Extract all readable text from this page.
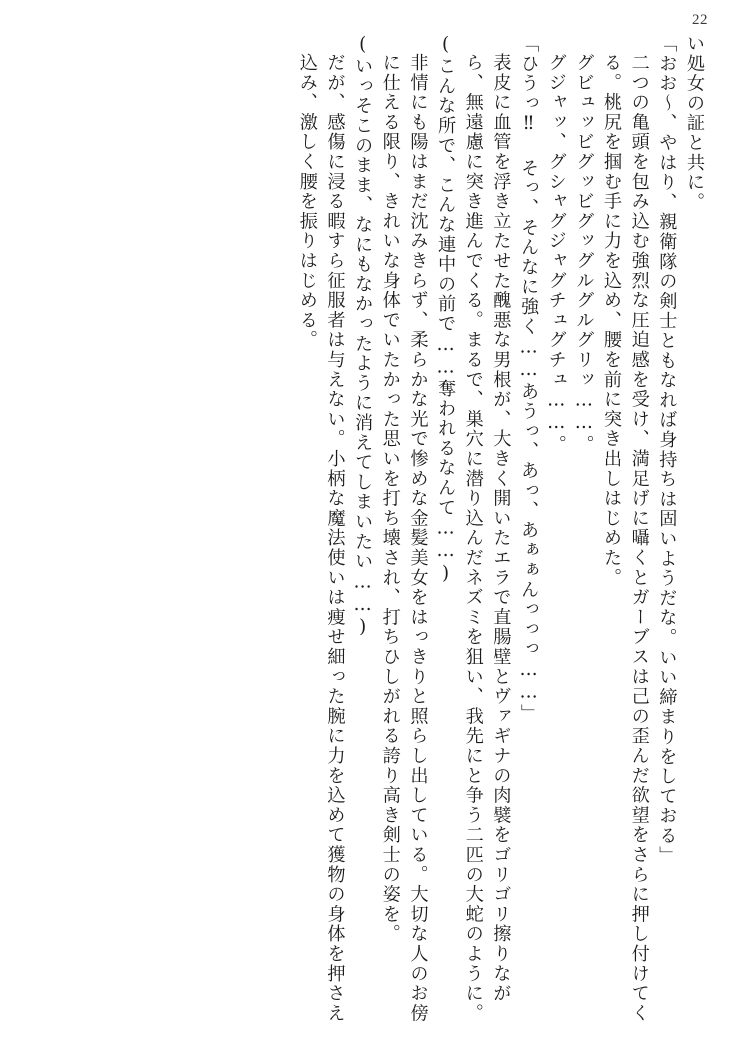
22
い処女の証と共に。
「おお〜、やはり、親衛隊の剣士ともなれば身持ちは固いようだな。いい締まりをしておる」
二つの亀頭を包み込む強烈な圧迫感を受け、満足げに囁くとガーブスは己の歪んだ欲望をさらに押し付けてくる。桃尻を掴む手に力を込め、腰を前に突き出しはじめた。
グビュッビグッビグッグルグルグリッ……。
グジャッ、グシャグジャグチュグチュ……。
「ひうっ‼ そっ、そんなに強く……あうっ、あっ、あぁぁんっっっ……」
表皮に血管を浮き立たせた醜悪な男根が、大きく開いたエラで直腸壁とヴァギナの肉襞をゴリゴリ擦りながら、無遠慮に突き進んでくる。まるで、巣穴に潜り込んだネズミを狙い、我先にと争う二匹の大蛇のように。
(こんな所で、こんな連中の前で……奪われるなんて……)
非情にも陽はまだ沈みきらず、柔らかな光で惨めな金髪美女をはっきりと照らし出している。大切な人のお傍に仕える限り、きれいな身体でいたかった思いを打ち壊され、打ちひしがれる誇り高き剣士の姿を。
(いっそこのまま、なにもなかったように消えてしまいたい……)
だが、感傷に浸る暇すら征服者は与えない。小柄な魔法使いは痩せ細った腕に力を込めて獲物の身体を押さえ込み、激しく腰を振りはじめる。
